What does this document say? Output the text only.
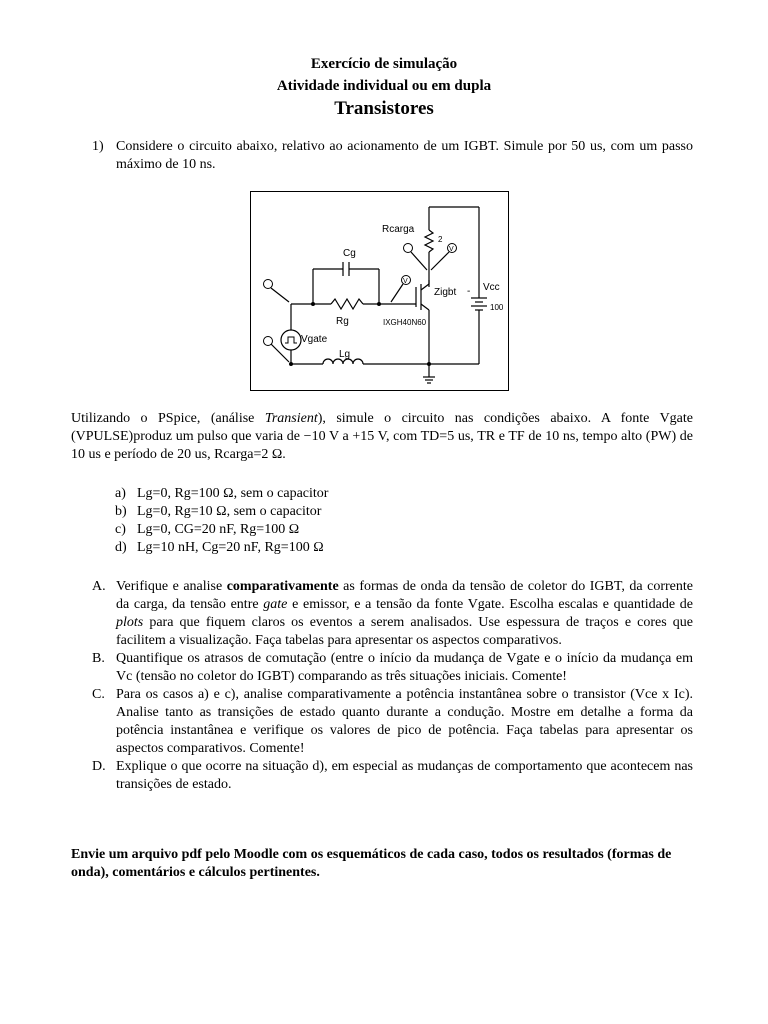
Exercício de simulação
Atividade individual ou em dupla
Transistores
1) Considere o circuito abaixo, relativo ao acionamento de um IGBT. Simule por 50 us, com um passo máximo de 10 ns.
Rcarga
2
Cg
Rg
Zigbt
IXGH40N60
Vcc
100
Vgate
Lg
V
V
-
Utilizando o PSpice, (análise Transient), simule o circuito nas condições abaixo. A fonte Vgate (VPULSE)produz um pulso que varia de −10 V a +15 V, com TD=5 us, TR e TF de 10 ns, tempo alto (PW) de 10 us e período de 20 us, Rcarga=2 Ω.
a) Lg=0, Rg=100 Ω, sem o capacitor
b) Lg=0, Rg=10 Ω, sem o capacitor
c) Lg=0, CG=20 nF, Rg=100 Ω
d) Lg=10 nH, Cg=20 nF, Rg=100 Ω
A. Verifique e analise comparativamente as formas de onda da tensão de coletor do IGBT, da corrente da carga, da tensão entre gate e emissor, e a tensão da fonte Vgate. Escolha escalas e quantidade de plots para que fiquem claros os eventos a serem analisados. Use espessura de traços e cores que facilitem a visualização. Faça tabelas para apresentar os aspectos comparativos.
B. Quantifique os atrasos de comutação (entre o início da mudança de Vgate e o início da mudança em Vc (tensão no coletor do IGBT) comparando as três situações iniciais. Comente!
C. Para os casos a) e c), analise comparativamente a potência instantânea sobre o transistor (Vce x Ic). Analise tanto as transições de estado quanto durante a condução. Mostre em detalhe a forma da potência instantânea e verifique os valores de pico de potência. Faça tabelas para apresentar os aspectos comparativos. Comente!
D. Explique o que ocorre na situação d), em especial as mudanças de comportamento que acontecem nas transições de estado.
Envie um arquivo pdf pelo Moodle com os esquemáticos de cada caso, todos os resultados (formas de onda), comentários e cálculos pertinentes.
